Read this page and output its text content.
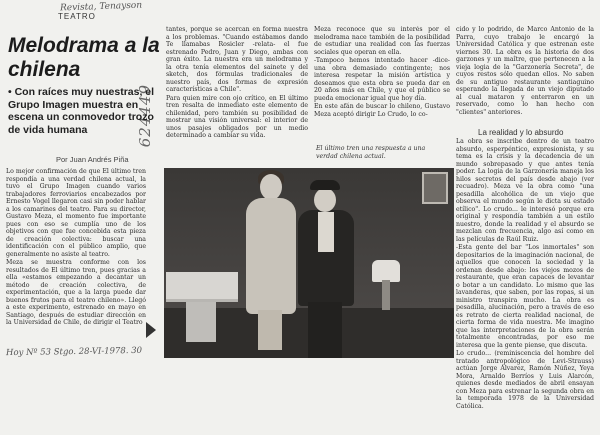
Revista, Tenayson
TEATRO
624449
Melodrama a la chilena
• Con raíces muy nuestras, el Grupo Imagen muestra en escena un conmovedor trozo de vida humana
Por Juan Andrés Piña

Lo mejor confirmación de que El último tren respondía a una verdad chilena actual, la tuvo el Grupo Imagen cuando varios trabajadores ferroviarios encabezados por Ernesto Vogel llegaron casi sin poder hablar a los camarines del teatro. Para su director, Gustavo Meza, el momento fue importante pues con eso se cumplía uno de los objetivos con que fue concebida esta pieza de creación colectiva: buscar una identificación con el público amplio, que generalmente no asiste al teatro.

Meza se muestra conforme con los resultados de El último tren, pues gracias a ella «estamos empezando a decantar un método de creación colectiva, de experimentación, que a la larga puede dar buenos frutos para el teatro chileno». Llegó a este experimento, estrenado en mayo en Santiago, después de estudiar dirección en la Universidad de Chile, de dirigir el Teatro

tantes, porque se acercan en forma nuestra a los problemas. "Cuando estábamos dando Te llamabas Rosicler -relata- el fue estrenado Pedro, Juan y Diego, ambas con gran éxito. La nuestra era un melodrama y la otra tenía elementos del sainete y del sketch, dos fórmulas tradicionales de nuestro país, dos formas de expresión características a Chile".

Para quien mire con ojo crítico, en El último tren resalta de inmediato este elemento de chilenidad, pero también su posibilidad de mostrar una visión universal: el interior de unos pasajes obligados por un medio determinado a cambiar su vida.

Meza reconoce que su interés por el melodrama nace también de la posibilidad de estudiar una realidad con las fuerzas sociales que operan en ella.

-Tampoco hemos intentado hacer -dice- una obra demasiado contingente; nos interesa respetar la misión artística y deseamos que esta obra se pueda dar en 20 años más en Chile, y que el público se pueda emocionar igual que hoy día.

En este afán de buscar lo chileno, Gustavo Meza aceptó dirigir Lo Crudo, lo co-

El último tren una respuesta a una verdad chilena actual.

cido y lo podrido, de Marco Antonio de la Parra, cuyo trabajo le encargó la Universidad Católica y que estrenan este viernes 30. La obra es la historia de dos garzones y un maître, que pertenecen a la vieja logia de la "Garzonería Secreta", de cuyos restos sólo quedan ellos. No saben de su antiguo restaurante santiaguino esperando la llegada de un viejo diputado al cual mataron y enterraron en un reservado, como lo han hecho con "clientes" anteriores.

La realidad y lo absurdo

La obra se inscribe dentro de un teatro absurdo, esperpéntico, expresionista, y su tema es la crisis y la decadencia de un mundo sobrepasado y que antes tenía poder. La logia de la Garzonería maneja los hilos secretos del país desde abajo (ver recuadro). Meza ve la obra como "una pesadilla alcohólica de un viejo que observa el mundo según le dicta su estado etílico". Lo crudo... le interesó porque era original y respondía también a un estilo nuestro, donde la realidad y el absurdo se mezclan con frecuencia, algo así como en las películas de Raúl Ruiz.

-Esta gente del bar "Los inmortales" son depositarios de la imaginación nacional, de aquellos que conocen la sociedad y la ordenan desde abajo: los viejos mozos de restaurante, que eran capaces de levantar o botar a un candidato. Lo mismo que las lavanderas, que saben, por las ropas, si un ministro transpira mucho. La obra es pesadilla, alucinación, pero a través de eso es retrato de cierta realidad nacional, de cierta forma de vida nuestra. Me imagino que las interpretaciones de la obra serán totalmente encontradas, por eso me interesa que la gente piense, que discuta.

Lo crudo... (reminiscencia del hombre del tratado antropológico de Levi-Strauss) actúan Jorge Álvarez, Ramón Núñez, Yeya Mora, Arnaldo Berríos y Luis Alarcón, quienes desde mediados de abril ensayan con Meza para estrenar la segunda obra en la temporada 1978 de la Universidad Católica.

Hoy Nº 53 Stgo. 28-VI-1978. 30
